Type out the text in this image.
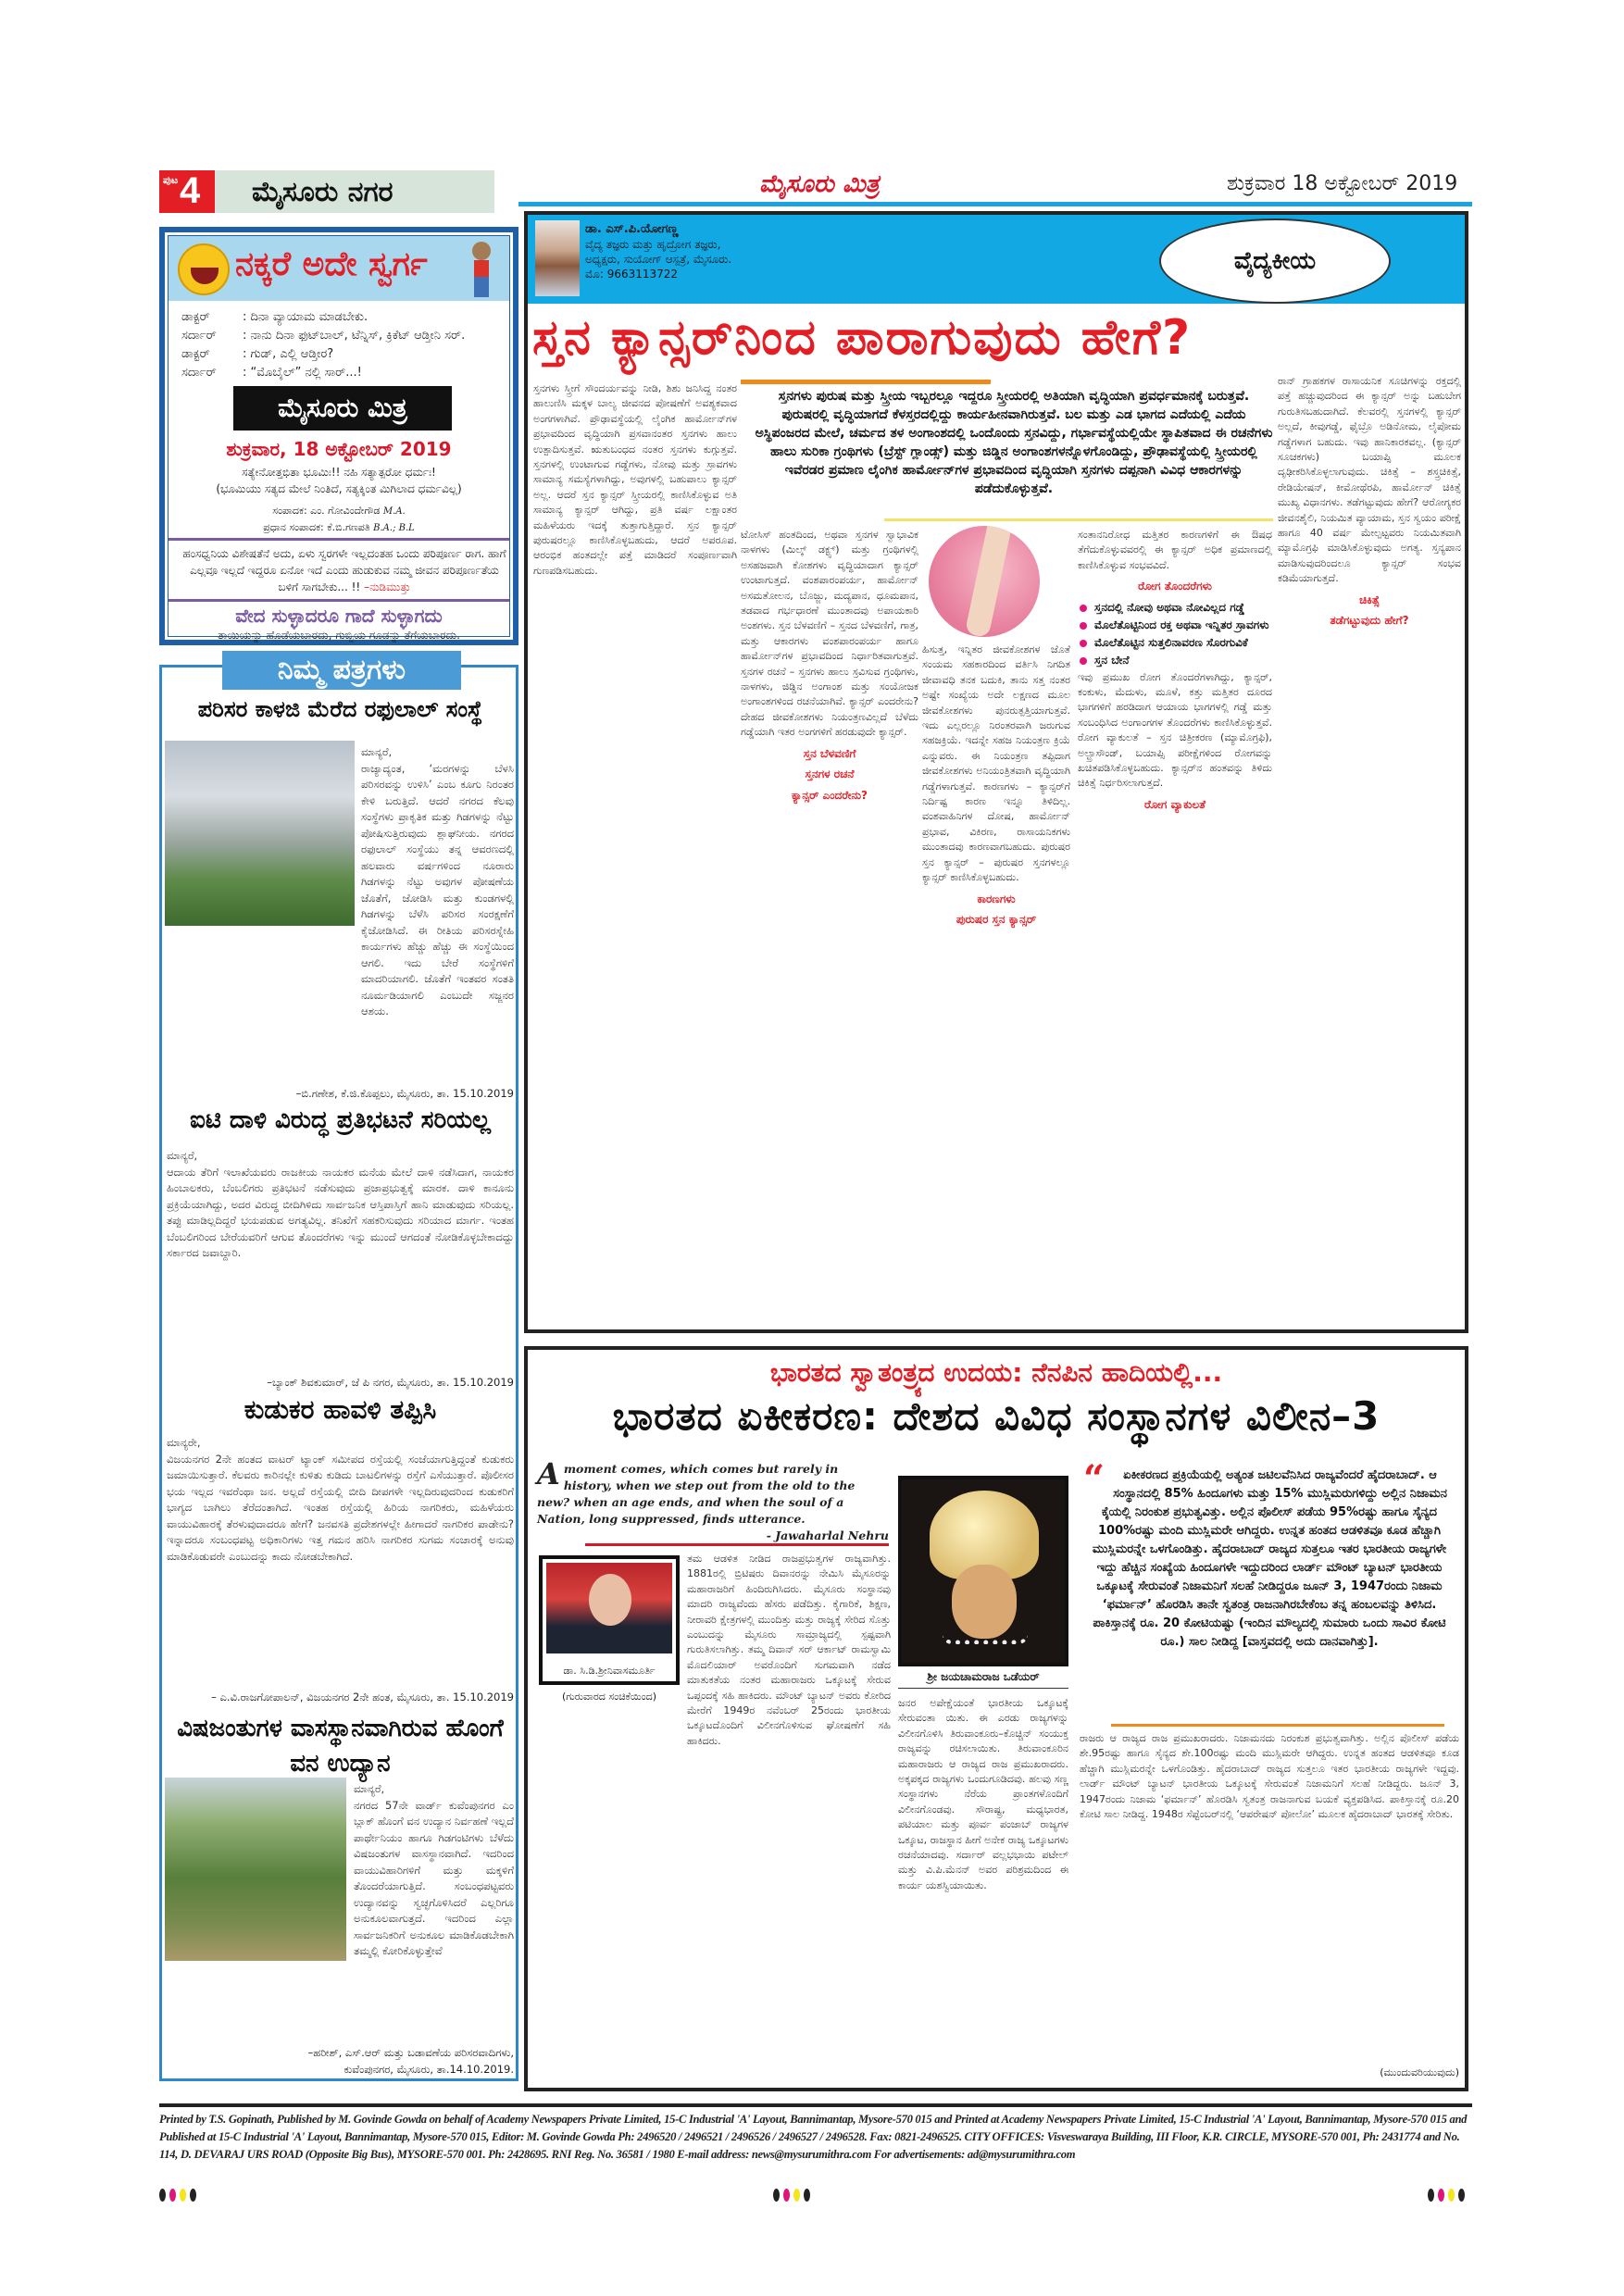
ಪುಟ 4 ಮೈಸೂರು ನಗರ	ಮೈಸೂರು ಮಿತ್ರ	ಶುಕ್ರವಾರ 18 ಅಕ್ಟೋಬರ್ 2019
ನಕ್ಕರೆ ಅದೇ ಸ್ವರ್ಗ
ಡಾಕ್ಟರ್	: ದಿನಾ ವ್ಯಾಯಾಮ ಮಾಡಬೇಕು.
ಸರ್ದಾರ್	: ನಾನು ದಿನಾ ಫುಟ್‌ಬಾಲ್, ಟೆನ್ನಿಸ್, ಕ್ರಿಕೆಟ್ ಆಡ್ತೀನಿ ಸರ್.
ಡಾಕ್ಟರ್	: ಗುಡ್, ಎಲ್ಲಿ ಆಡ್ತೀರ?
ಸರ್ದಾರ್	: “ಮೊಬೈಲ್” ನಲ್ಲಿ ಸಾರ್...!
ಮೈಸೂರು ಮಿತ್ರ
ಶುಕ್ರವಾರ, 18 ಅಕ್ಟೋಬರ್ 2019
ಸತ್ಯೇನೋತ್ತಭಿತಾ ಭೂಮಿಃ!! ನಹಿ ಸತ್ಯಾತ್ಪರೋ ಧರ್ಮಃ!
(ಭೂಮಿಯು ಸತ್ಯದ ಮೇಲೆ ನಿಂತಿದೆ, ಸತ್ಯಕ್ಕಿಂತ ಮಿಗಿಲಾದ ಧರ್ಮವಿಲ್ಲ)
ಸಂಪಾದಕ: ಎಂ. ಗೋವಿಂದೇಗೌಡ M.A.
ಪ್ರಧಾನ ಸಂಪಾದಕ: ಕೆ.ಬಿ.ಗಣಪತಿ B.A.; B.L
ಹಂಸಧ್ವನಿಯ ವಿಶೇಷತೆನೆ ಅದು, ಏಳು ಸ್ವರಗಳೇ ಇಲ್ಲದಂತಹ ಒಂದು ಪರಿಪೂರ್ಣ ರಾಗ. ಹಾಗೆ ಎಲ್ಲವೂ ಇಲ್ಲದೆ ಇದ್ದರೂ ಏನೋ ಇದೆ ಎಂದು ಹುಡುಕುವ ನಮ್ಮ ಜೀವನ ಪರಿಪೂರ್ಣತೆಯ ಬಳಿಗೆ ಸಾಗಬೇಕು... !! –ನುಡಿಮುತ್ತು
ವೇದ ಸುಳ್ಳಾದರೂ ಗಾದೆ ಸುಳ್ಳಾಗದು
ತಾಯಿಯನ್ನು ಹೊಡೆಯಬಾರದು, ಗುಬ್ಬಿಯ ಗೂಡನ್ನು ತೆಗೆಯಬಾರದು.
ನಿಮ್ಮ ಪತ್ರಗಳು
ಪರಿಸರ ಕಾಳಜಿ ಮೆರೆದ ರಫುಲಾಲ್ ಸಂಸ್ಥೆ
ಮಾನ್ಯರೆ,
ರಾಜ್ಯಾದ್ಯಂತ, ‘ಮರಗಳನ್ನು ಬೆಳಸಿ ಪರಿಸರವನ್ನು ಉಳಿಸಿ’ ಎಂಬ ಕೂಗು ನಿರಂತರ ಕೇಳಿ ಬರುತ್ತಿದೆ. ಆದರೆ ನಗರದ ಕೆಲವು ಸಂಸ್ಥೆಗಳು ಪ್ರಾಕೃತಿಕ ಮತ್ತು ಗಿಡಗಳನ್ನು ನೆಟ್ಟು ಪೋಷಿಸುತ್ತಿರುವುದು ಶ್ಲಾಘನೀಯ. ನಗರದ ರಫುಲಾಲ್ ಸಂಸ್ಥೆಯು ತನ್ನ ಆವರಣದಲ್ಲಿ ಹಲವಾರು ವರ್ಷಗಳಿಂದ ನೂರಾರು ಗಿಡಗಳನ್ನು ನೆಟ್ಟು ಅವುಗಳ ಪೋಷಣೆಯ ಜೊತೆಗೆ, ಜೋಡಿಸಿ ಮತ್ತು ಕುಂಡಗಳಲ್ಲಿ ಗಿಡಗಳನ್ನು ಬೆಳೆಸಿ ಪರಿಸರ ಸಂರಕ್ಷಣೆಗೆ ಕೈಜೋಡಿಸಿದೆ. ಈ ರೀತಿಯ ಪರಿಸರಸ್ನೇಹಿ ಕಾರ್ಯಗಳು ಹೆಚ್ಚು ಹೆಚ್ಚು ಈ ಸಂಸ್ಥೆಯಿಂದ ಆಗಲಿ. ಇದು ಬೇರೆ ಸಂಸ್ಥೆಗಳಿಗೆ ಮಾದರಿಯಾಗಲಿ. ಜೊತೆಗೆ ಇಂತವರ ಸಂತತಿ ನೂರ್ಮಡಿಯಾಗಲಿ ಎಂಬುದೇ ಸಜ್ಜನರ ಆಶಯ.
–ಬಿ.ಗಣೇಶ, ಕೆ.ಜಿ.ಕೊಪ್ಪಲು, ಮೈಸೂರು, ತಾ. 15.10.2019
ಐಟಿ ದಾಳಿ ವಿರುದ್ಧ ಪ್ರತಿಭಟನೆ ಸರಿಯಲ್ಲ
ಮಾನ್ಯರೆ,
ಆದಾಯ ತೆರಿಗೆ ಇಲಾಖೆಯವರು ರಾಜಕೀಯ ನಾಯಕರ ಮನೆಯ ಮೇಲೆ ದಾಳಿ ನಡೆಸಿದಾಗ, ನಾಯಕರ ಹಿಂಬಾಲಕರು, ಬೆಂಬಲಿಗರು ಪ್ರತಿಭಟನೆ ನಡೆಸುವುದು ಪ್ರಜಾಪ್ರಭುತ್ವಕ್ಕೆ ಮಾರಕ. ದಾಳಿ ಕಾನೂನು ಪ್ರಕ್ರಿಯೆಯಾಗಿದ್ದು, ಅದರ ವಿರುದ್ಧ ಬೀದಿಗಿಳಿದು ಸಾರ್ವಜನಿಕ ಆಸ್ತಿಪಾಸ್ತಿಗೆ ಹಾನಿ ಮಾಡುವುದು ಸರಿಯಲ್ಲ. ತಪ್ಪು ಮಾಡಿಲ್ಲದಿದ್ದರೆ ಭಯಪಡುವ ಅಗತ್ಯವಿಲ್ಲ. ತನಿಖೆಗೆ ಸಹಕರಿಸುವುದು ಸರಿಯಾದ ಮಾರ್ಗ. ಇಂತಹ ಬೆಂಬಲಿಗರಿಂದ ಬೇರೆಯವರಿಗೆ ಆಗುವ ತೊಂದರೆಗಳು ಇನ್ನು ಮುಂದೆ ಆಗದಂತೆ ನೋಡಿಕೊಳ್ಳಬೇಕಾದದ್ದು ಸರ್ಕಾರದ ಜವಾಬ್ದಾರಿ.
–ಬ್ಯಾಂಕ್ ಶಿವಕುಮಾರ್, ಜೆ ಪಿ ನಗರ, ಮೈಸೂರು, ತಾ. 15.10.2019
ಕುಡುಕರ ಹಾವಳಿ ತಪ್ಪಿಸಿ
ಮಾನ್ಯರೇ,
ವಿಜಯನಗರ 2ನೇ ಹಂತದ ವಾಟರ್ ಟ್ಯಾಂಕ್ ಸಮೀಪದ ರಸ್ತೆಯಲ್ಲಿ ಸಂಜೆಯಾಗುತ್ತಿದ್ದಂತೆ ಕುಡುಕರು ಜಮಾಯಿಸುತ್ತಾರೆ. ಕೆಲವರು ಕಾರಿನಲ್ಲೇ ಕುಳಿತು ಕುಡಿದು ಬಾಟಲಿಗಳನ್ನು ರಸ್ತೆಗೆ ಎಸೆಯುತ್ತಾರೆ. ಪೊಲೀಸರ ಭಯ ಇಲ್ಲದ ಇವರೆಂಥಾ ಜನ. ಅಲ್ಲದೆ ರಸ್ತೆಯಲ್ಲಿ ಬೀದಿ ದೀಪಗಳೇ ಇಲ್ಲದಿರುವುದರಿಂದ ಕುಡುಕರಿಗೆ ಭಾಗ್ಯದ ಬಾಗಿಲು ತೆರೆದಂತಾಗಿದೆ. ಇಂತಹ ರಸ್ತೆಯಲ್ಲಿ ಹಿರಿಯ ನಾಗರಿಕರು, ಮಹಿಳೆಯರು ವಾಯುವಿಹಾರಕ್ಕೆ ತೆರಳುವುದಾದರೂ ಹೇಗೆ? ಜನವಸತಿ ಪ್ರದೇಶಗಳಲ್ಲೇ ಹೀಗಾದರೆ ನಾಗರಿಕರ ಪಾಡೇನು? ಇನ್ನಾದರೂ ಸಂಬಂಧಪಟ್ಟ ಅಧಿಕಾರಿಗಳು ಇತ್ತ ಗಮನ ಹರಿಸಿ ನಾಗರಿಕರ ಸುಗಮ ಸಂಚಾರಕ್ಕೆ ಅನುವು ಮಾಡಿಕೊಡುವರೇ ಎಂಬುದನ್ನು ಕಾದು ನೋಡಬೇಕಾಗಿದೆ.
– ಎ.ವಿ.ರಾಜಗೋಪಾಲನ್, ವಿಜಯನಗರ 2ನೇ ಹಂತ, ಮೈಸೂರು, ತಾ. 15.10.2019
ವಿಷಜಂತುಗಳ ವಾಸಸ್ಥಾನವಾಗಿರುವ ಹೊಂಗೆ ವನ ಉದ್ಯಾನ
ಮಾನ್ಯರೆ,
ನಗರದ 57ನೇ ವಾರ್ಡ್ ಕುವೆಂಪುನಗರ ಎಂ ಬ್ಲಾಕ್ ಹೊಂಗೆ ವನ ಉದ್ಯಾನ ನಿರ್ವಹಣೆ ಇಲ್ಲದೆ ಪಾರ್ಥೇನಿಯಂ ಹಾಗೂ ಗಿಡಗಂಟಿಗಳು ಬೆಳೆದು ವಿಷಜಂತುಗಳ ವಾಸಸ್ಥಾನವಾಗಿದೆ. ಇದರಿಂದ ವಾಯುವಿಹಾರಿಗಳಿಗೆ ಮತ್ತು ಮಕ್ಕಳಿಗೆ ತೊಂದರೆಯಾಗುತ್ತಿದೆ. ಸಂಬಂಧಪಟ್ಟವರು ಉದ್ಯಾನವನ್ನು ಸ್ವಚ್ಛಗೊಳಿಸಿದರೆ ಎಲ್ಲರಿಗೂ ಅನುಕೂಲವಾಗುತ್ತದೆ. ಇದರಿಂದ ಎಲ್ಲಾ ಸಾರ್ವಜನಿಕರಿಗೆ ಅನುಕೂಲ ಮಾಡಿಕೊಡಬೇಕಾಗಿ ತಮ್ಮಲ್ಲಿ ಕೋರಿಕೊಳ್ಳುತ್ತೇವೆ
–ಹರೀಶ್, ಎಸ್.ಆರ್ ಮತ್ತು ಬಡಾವಣೆಯ ಪರಿಸರವಾದಿಗಳು,
ಕುವೆಂಪುನಗರ, ಮೈಸೂರು, ತಾ.14.10.2019.
ಡಾ. ಎಸ್.ಪಿ.ಯೋಗಣ್ಣ
ವೈದ್ಯ ತಜ್ಞರು ಮತ್ತು ಹೃದ್ರೋಗ ತಜ್ಞರು,
ಅಧ್ಯಕ್ಷರು, ಸುಯೋಗ್ ಆಸ್ಪತ್ರೆ, ಮೈಸೂರು.
ಮೊ: 9663113722	ವೈದ್ಯಕೀಯ
ಸ್ತನ ಕ್ಯಾನ್ಸರ್‌ನಿಂದ ಪಾರಾಗುವುದು ಹೇಗೆ?
ಸ್ತನಗಳು ಪುರುಷ ಮತ್ತು ಸ್ತ್ರೀಯ ಇಬ್ಬರಲ್ಲೂ ಇದ್ದರೂ ಸ್ತ್ರೀಯರಲ್ಲಿ ಅತಿಯಾಗಿ ವೃದ್ಧಿಯಾಗಿ ಪ್ರವರ್ಧಮಾನಕ್ಕೆ ಬರುತ್ತವೆ. ಪುರುಷರಲ್ಲಿ ವೃದ್ಧಿಯಾಗದೆ ಕೆಳಸ್ತರದಲ್ಲಿದ್ದು ಕಾರ್ಯಹೀನವಾಗಿರುತ್ತವೆ. ಬಲ ಮತ್ತು ಎಡ ಭಾಗದ ಎದೆಯಲ್ಲಿ ಎದೆಯ ಅಸ್ಥಿಪಂಜರದ ಮೇಲೆ, ಚರ್ಮದ ತಳ ಅಂಗಾಂಶದಲ್ಲಿ ಒಂದೊಂದು ಸ್ತನವಿದ್ದು, ಗರ್ಭಾವಸ್ಥೆಯಲ್ಲಿಯೇ ಸ್ಥಾಪಿತವಾದ ಈ ರಚನೆಗಳು ಹಾಲು ಸುರಿಕಾ ಗ್ರಂಥಿಗಳು (ಬ್ರೆಸ್ಟ್ ಗ್ಲಾಂಡ್ಸ್) ಮತ್ತು ಜಿಡ್ಡಿನ ಅಂಗಾಂಶಗಳನ್ನೊಳಗೊಂಡಿದ್ದು, ಪ್ರೌಢಾವಸ್ಥೆಯಲ್ಲಿ ಸ್ತ್ರೀಯರಲ್ಲಿ ಇವೆರಡರ ಪ್ರಮಾಣ ಲೈಂಗಿಕ ಹಾರ್ಮೋನ್‌ಗಳ ಪ್ರಭಾವದಿಂದ ವೃದ್ಧಿಯಾಗಿ ಸ್ತನಗಳು ದಪ್ಪನಾಗಿ ವಿವಿಧ ಆಕಾರಗಳನ್ನು ಪಡೆದುಕೊಳ್ಳುತ್ತವೆ.
ಸ್ತನಗಳು ಸ್ತ್ರೀಗೆ ಸೌಂದರ್ಯವನ್ನು ನೀಡಿ, ಶಿಶು ಜನಿಸಿದ್ದ ನಂತರ ಹಾಲುಣಿಸಿ ಮಕ್ಕಳ ಬಾಲ್ಯ ಜೀವನದ ಪೋಷಣೆಗೆ ಅವಶ್ಯಕವಾದ ಅಂಗಗಳಾಗಿವೆ. ಪ್ರೌಢಾವಸ್ಥೆಯಲ್ಲಿ ಲೈಂಗಿಕ ಹಾರ್ಮೋನ್‌ಗಳ ಪ್ರಭಾವದಿಂದ ವೃದ್ಧಿಯಾಗಿ ಪ್ರಸವಾನಂತರ ಸ್ತನಗಳು ಹಾಲು ಉತ್ಪಾದಿಸುತ್ತವೆ. ಋತುಬಂಧದ ನಂತರ ಸ್ತನಗಳು ಕುಗ್ಗುತ್ತವೆ. ಸ್ತನಗಳಲ್ಲಿ ಉಂಟಾಗುವ ಗಡ್ಡೆಗಳು, ನೋವು ಮತ್ತು ಸ್ರಾವಗಳು ಸಾಮಾನ್ಯ ಸಮಸ್ಯೆಗಳಾಗಿದ್ದು, ಅವುಗಳಲ್ಲಿ ಬಹುಪಾಲು ಕ್ಯಾನ್ಸರ್ ಅಲ್ಲ. ಆದರೆ ಸ್ತನ ಕ್ಯಾನ್ಸರ್ ಸ್ತ್ರೀಯರಲ್ಲಿ ಕಾಣಿಸಿಕೊಳ್ಳುವ ಅತಿ ಸಾಮಾನ್ಯ ಕ್ಯಾನ್ಸರ್ ಆಗಿದ್ದು, ಪ್ರತಿ ವರ್ಷ ಲಕ್ಷಾಂತರ ಮಹಿಳೆಯರು ಇದಕ್ಕೆ ತುತ್ತಾಗುತ್ತಿದ್ದಾರೆ. ಸ್ತನ ಕ್ಯಾನ್ಸರ್ ಪುರುಷರಲ್ಲೂ ಕಾಣಿಸಿಕೊಳ್ಳಬಹುದು, ಆದರೆ ಅಪರೂಪ. ಆರಂಭಿಕ ಹಂತದಲ್ಲೇ ಪತ್ತೆ ಮಾಡಿದರೆ ಸಂಪೂರ್ಣವಾಗಿ ಗುಣಪಡಿಸಬಹುದು.
ಟೋಸಿಸ್ ಹಂತದಿಂದ, ಅಥವಾ ಸ್ತನಗಳ ಸ್ವಾಭಾವಿಕ ನಾಳಗಳು (ಮಿಲ್ಕ್ ಡಕ್ಟ್ಸ್) ಮತ್ತು ಗ್ರಂಥಿಗಳಲ್ಲಿ ಅಸಹಜವಾಗಿ ಕೋಶಗಳು ವೃದ್ಧಿಯಾದಾಗ ಕ್ಯಾನ್ಸರ್ ಉಂಟಾಗುತ್ತದೆ. ವಂಶಪಾರಂಪರ್ಯ, ಹಾರ್ಮೋನ್ ಅಸಮತೋಲನ, ಬೊಜ್ಜು, ಮದ್ಯಪಾನ, ಧೂಮಪಾನ, ತಡವಾದ ಗರ್ಭಧಾರಣೆ ಮುಂತಾದವು ಅಪಾಯಕಾರಿ ಅಂಶಗಳು. ಸ್ತನ ಬೆಳವಣಿಗೆ – ಸ್ತನದ ಬೆಳವಣಿಗೆ, ಗಾತ್ರ, ಮತ್ತು ಆಕಾರಗಳು ವಂಶಪಾರಂಪರ್ಯ ಹಾಗೂ ಹಾರ್ಮೋನ್‌ಗಳ ಪ್ರಭಾವದಿಂದ ನಿರ್ಧಾರಿತವಾಗುತ್ತವೆ. ಸ್ತನಗಳ ರಚನೆ – ಸ್ತನಗಳು ಹಾಲು ಸ್ರವಿಸುವ ಗ್ರಂಥಿಗಳು, ನಾಳಗಳು, ಜಿಡ್ಡಿನ ಅಂಗಾಂಶ ಮತ್ತು ಸಂಯೋಜಕ ಅಂಗಾಂಶಗಳಿಂದ ರಚನೆಯಾಗಿವೆ. ಕ್ಯಾನ್ಸರ್ ಎಂದರೇನು? ದೇಹದ ಜೀವಕೋಶಗಳು ನಿಯಂತ್ರಣವಿಲ್ಲದೆ ಬೆಳೆದು ಗಡ್ಡೆಯಾಗಿ ಇತರ ಅಂಗಗಳಿಗೆ ಹರಡುವುದೇ ಕ್ಯಾನ್ಸರ್.
ಸ್ತನ ಬೆಳವಣಿಗೆ
ಸ್ತನಗಳ ರಚನೆ
ಕ್ಯಾನ್ಸರ್ ಎಂದರೇನು?
ಹಿಸುತ್ತ, ಇನ್ನಿತರ ಜೀವಕೋಶಗಳ ಜೊತೆ ಸಂಯಮ ಸಹಕಾರದಿಂದ ವರ್ತಿಸಿ ನಿಗದಿತ ಜೀವಾವಧಿ ತನಕ ಬದುಕಿ, ತಾನು ಸತ್ತ ನಂತರ ಅಷ್ಟೇ ಸಂಖ್ಯೆಯ ಅದೇ ಲಕ್ಷಣದ ಮೂಲ ಜೀವಕೋಶಗಳು ಪುನರುತ್ಪತ್ತಿಯಾಗುತ್ತವೆ. ಇದು ಎಲ್ಲರಲ್ಲೂ ನಿರಂತರವಾಗಿ ಜರುಗುವ ಸಹಜಕ್ರಿಯೆ. ಇದನ್ನೇ ಸಹಜ ನಿಯಂತ್ರಣ ಕ್ರಿಯೆ ಎನ್ನುವರು. ಈ ನಿಯಂತ್ರಣ ತಪ್ಪಿದಾಗ ಜೀವಕೋಶಗಳು ಅನಿಯಂತ್ರಿತವಾಗಿ ವೃದ್ಧಿಯಾಗಿ ಗಡ್ಡೆಗಳಾಗುತ್ತವೆ. ಕಾರಣಗಳು – ಕ್ಯಾನ್ಸರ್‌ಗೆ ನಿರ್ದಿಷ್ಟ ಕಾರಣ ಇನ್ನೂ ತಿಳಿದಿಲ್ಲ. ವಂಶವಾಹಿನಿಗಳ ದೋಷ, ಹಾರ್ಮೋನ್ ಪ್ರಭಾವ, ವಿಕಿರಣ, ರಾಸಾಯನಿಕಗಳು ಮುಂತಾದವು ಕಾರಣವಾಗಬಹುದು. ಪುರುಷರ ಸ್ತನ ಕ್ಯಾನ್ಸರ್ – ಪುರುಷರ ಸ್ತನಗಳಲ್ಲೂ ಕ್ಯಾನ್ಸರ್ ಕಾಣಿಸಿಕೊಳ್ಳಬಹುದು.
ಕಾರಣಗಳು
ಪುರುಷರ ಸ್ತನ ಕ್ಯಾನ್ಸರ್
ಸಂತಾನನಿರೋಧ ಮತ್ತಿತರ ಕಾರಣಗಳಿಗೆ ಈ ಔಷಧ ತೆಗೆದುಕೊಳ್ಳುವವರಲ್ಲಿ ಈ ಕ್ಯಾನ್ಸರ್ ಅಧಿಕ ಪ್ರಮಾಣದಲ್ಲಿ ಕಾಣಿಸಿಕೊಳ್ಳುವ ಸಂಭವವಿದೆ.
ರೋಗ ತೊಂದರೆಗಳು
ಸ್ತನದಲ್ಲಿ ನೋವು ಅಥವಾ ನೋವಿಲ್ಲದ ಗಡ್ಡೆ
ಮೊಲೆತೊಟ್ಟಿನಿಂದ ರಕ್ತ ಅಥವಾ ಇನ್ನಿತರ ಸ್ರಾವಗಳು
ಮೊಲೆತೊಟ್ಟಿನ ಸುತ್ತಲಿನಾವರಣ ಸೊರಗುವಿಕೆ
ಸ್ತನ ಬೇನೆ
ಇವು ಪ್ರಮುಖ ರೋಗ ತೊಂದರೆಗಳಾಗಿದ್ದು, ಕ್ಯಾನ್ಸರ್, ಕಂಕುಳು, ಮೆದುಳು, ಮೂಳೆ, ಕತ್ತು ಮತ್ತಿತರ ದೂರದ ಭಾಗಗಳಿಗೆ ಹರಡಿದಾಗ ಆಯಾಯ ಭಾಗಗಳಲ್ಲಿ ಗಡ್ಡೆ ಮತ್ತು ಸಂಬಂಧಿಸಿದ ಅಂಗಾಂಗಗಳ ತೊಂದರೆಗಳು ಕಾಣಿಸಿಕೊಳ್ಳುತ್ತವೆ. ರೋಗ ವ್ಯಾಕುಲತೆ – ಸ್ತನ ಚಿತ್ರೀಕರಣ (ಮ್ಯಾಮೊಗ್ರಫಿ), ಅಲ್ಟ್ರಾಸೌಂಡ್, ಬಯಾಪ್ಸಿ ಪರೀಕ್ಷೆಗಳಿಂದ ರೋಗವನ್ನು ಖಚಿತಪಡಿಸಿಕೊಳ್ಳಬಹುದು. ಕ್ಯಾನ್ಸರ್‌ನ ಹಂತವನ್ನು ತಿಳಿದು ಚಿಕಿತ್ಸೆ ನಿರ್ಧರಿಸಲಾಗುತ್ತದೆ.
ರೋಗ ವ್ಯಾಕುಲತೆ
ರಾನ್ ಗ್ರಾಹಕಗಳ ರಾಸಾಯನಿಕ ಸೂಚಿಗಳನ್ನು ರಕ್ತದಲ್ಲಿ ಪತ್ತೆ ಹಚ್ಚುವುದರಿಂದ ಈ ಕ್ಯಾನ್ಸರ್ ಅನ್ನು ಬಹುಬೇಗ ಗುರುತಿಸಬಹುದಾಗಿದೆ. ಕೆಲವರಲ್ಲಿ ಸ್ತನಗಳಲ್ಲಿ ಕ್ಯಾನ್ಸರ್ ಅಲ್ಲದೆ, ಕೀವುಗಡ್ಡೆ, ಫೈಬ್ರೊ ಅಡಿನೋಮ, ಲೈಪೋಮ ಗಡ್ಡೆಗಳಾಗ ಬಹುದು. ಇವು ಹಾನಿಕಾರಕವಲ್ಲ. (ಕ್ಯಾನ್ಸರ್ ಸೂಚಕಗಳು) ಬಯಾಪ್ಸಿ ಮೂಲಕ ದೃಢೀಕರಿಸಿಕೊಳ್ಳಲಾಗುವುದು. ಚಿಕಿತ್ಸೆ – ಶಸ್ತ್ರಚಿಕಿತ್ಸೆ, ರೇಡಿಯೇಷನ್, ಕೀಮೋಥೆರಪಿ, ಹಾರ್ಮೋನ್ ಚಿಕಿತ್ಸೆ ಮುಖ್ಯ ವಿಧಾನಗಳು. ತಡೆಗಟ್ಟುವುದು ಹೇಗೆ? ಆರೋಗ್ಯಕರ ಜೀವನಶೈಲಿ, ನಿಯಮಿತ ವ್ಯಾಯಾಮ, ಸ್ತನ ಸ್ವಯಂ ಪರೀಕ್ಷೆ ಹಾಗೂ 40 ವರ್ಷ ಮೇಲ್ಪಟ್ಟವರು ನಿಯಮಿತವಾಗಿ ಮ್ಯಾಮೊಗ್ರಫಿ ಮಾಡಿಸಿಕೊಳ್ಳುವುದು ಅಗತ್ಯ. ಸ್ತನ್ಯಪಾನ ಮಾಡಿಸುವುದರಿಂದಲೂ ಕ್ಯಾನ್ಸರ್ ಸಂಭವ ಕಡಿಮೆಯಾಗುತ್ತದೆ.
ಚಿಕಿತ್ಸೆ
ತಡೆಗಟ್ಟುವುದು ಹೇಗೆ?
ಭಾರತದ ಸ್ವಾತಂತ್ರ್ಯದ ಉದಯ: ನೆನಪಿನ ಹಾದಿಯಲ್ಲಿ...
ಭಾರತದ ಏಕೀಕರಣ: ದೇಶದ ವಿವಿಧ ಸಂಸ್ಥಾನಗಳ ವಿಲೀನ–3
A moment comes, which comes but rarely in history, when we step out from the old to the new? when an age ends, and when the soul of a Nation, long suppressed, finds utterance.
- Jawaharlal Nehru
ಡಾ. ಸಿ.ಡಿ.ಶ್ರೀನಿವಾಸಮೂರ್ತಿ
(ಗುರುವಾರದ ಸಂಚಿಕೆಯಿಂದ)
ತಮ ಆಡಳಿತ ನೀಡಿದ ರಾಜಪ್ರಭುತ್ವಗಳ ರಾಜ್ಯವಾಗಿತ್ತು. 1881ರಲ್ಲಿ ಬ್ರಿಟಿಷರು ದಿವಾನರನ್ನು ನೇಮಿಸಿ ಮೈಸೂರನ್ನು ಮಹಾರಾಜರಿಗೆ ಹಿಂದಿರುಗಿಸಿದರು. ಮೈಸೂರು ಸಂಸ್ಥಾನವು ಮಾದರಿ ರಾಜ್ಯವೆಂದು ಹೆಸರು ಪಡೆದಿತ್ತು. ಕೈಗಾರಿಕೆ, ಶಿಕ್ಷಣ, ನೀರಾವರಿ ಕ್ಷೇತ್ರಗಳಲ್ಲಿ ಮುಂದಿತ್ತು ಮತ್ತು ರಾಜ್ಯಕ್ಕೆ ಸೇರಿದ ಸೊತ್ತು ಎಂಬುದನ್ನು ಮೈಸೂರು ಸಾಮ್ರಾಜ್ಯದಲ್ಲಿ ಸ್ಪಷ್ಟವಾಗಿ ಗುರುತಿಸಲಾಗಿತ್ತು. ತಮ್ಮ ದಿವಾನ್ ಸರ್ ಆರ್ಕಾಟ್ ರಾಮಸ್ವಾಮಿ ಮೊದಲಿಯಾರ್ ಅವರೊಂದಿಗೆ ಸುಗಮವಾಗಿ ನಡೆದ ಮಾತುಕತೆಯ ನಂತರ ಮಹಾರಾಜರು ಒಕ್ಕೂಟಕ್ಕೆ ಸೇರುವ ಒಪ್ಪಂದಕ್ಕೆ ಸಹಿ ಹಾಕಿದರು. ಮೌಂಟ್ ಬ್ಯಾಟನ್ ಅವರು ಕೋರಿದ ಮೇರೆಗೆ 1949ರ ನವೆಂಬರ್ 25ರಂದು ಭಾರತೀಯ ಒಕ್ಕೂಟದೊಂದಿಗೆ ವಿಲೀನಗೊಳಿಸುವ ಘೋಷಣೆಗೆ ಸಹಿ ಹಾಕಿದರು.
ಶ್ರೀ ಜಯಚಾಮರಾಜ ಒಡೆಯರ್
ಜನರ ಅಪೇಕ್ಷೆಯಂತೆ ಭಾರತೀಯ ಒಕ್ಕೂಟಕ್ಕೆ ಸೇರುವಂತಾ ಯಿತು. ಈ ಎರಡು ರಾಜ್ಯಗಳನ್ನು ವಿಲೀನಗೊಳಿಸಿ ತಿರುವಾಂಕೂರು–ಕೊಚ್ಚಿನ್ ಸಂಯುಕ್ತ ರಾಜ್ಯವನ್ನು ರಚಿಸಲಾಯಿತು. ತಿರುವಾಂಕೂರಿನ ಮಹಾರಾಜರು ಆ ರಾಜ್ಯದ ರಾಜ ಪ್ರಮುಖರಾದರು. ಅಕ್ಕಪಕ್ಕದ ರಾಜ್ಯಗಳು ಒಂದುಗೂಡಿದವು. ಹಲವು ಸಣ್ಣ ಸಂಸ್ಥಾನಗಳು ನೆರೆಯ ಪ್ರಾಂತಗಳೊಂದಿಗೆ ವಿಲೀನಗೊಂಡವು. ಸೌರಾಷ್ಟ್ರ, ಮಧ್ಯಭಾರತ, ಪಟಿಯಾಲ ಮತ್ತು ಪೂರ್ವ ಪಂಜಾಬ್ ರಾಜ್ಯಗಳ ಒಕ್ಕೂಟ, ರಾಜಸ್ಥಾನ ಹೀಗೆ ಅನೇಕ ರಾಜ್ಯ ಒಕ್ಕೂಟಗಳು ರಚನೆಯಾದವು. ಸರ್ದಾರ್ ವಲ್ಲಭಭಾಯಿ ಪಟೇಲ್ ಮತ್ತು ವಿ.ಪಿ.ಮೆನನ್ ಅವರ ಪರಿಶ್ರಮದಿಂದ ಈ ಕಾರ್ಯ ಯಶಸ್ವಿಯಾಯಿತು.
“ ಏಕೀಕರಣದ ಪ್ರಕ್ರಿಯೆಯಲ್ಲಿ ಅತ್ಯಂತ ಜಟಿಲವೆನಿಸಿದ ರಾಜ್ಯವೆಂದರೆ ಹೈದರಾಬಾದ್. ಆ ಸಂಸ್ಥಾನದಲ್ಲಿ 85% ಹಿಂದೂಗಳು ಮತ್ತು 15% ಮುಸ್ಲಿಮರುಗಳಿದ್ದು ಅಲ್ಲಿನ ನಿಜಾಮನ ಕೈಯಲ್ಲಿ ನಿರಂಕುಶ ಪ್ರಭುತ್ವವಿತ್ತು. ಅಲ್ಲಿನ ಪೊಲೀಸ್ ಪಡೆಯ 95%ರಷ್ಟು ಹಾಗೂ ಸೈನ್ಯದ 100%ರಷ್ಟು ಮಂದಿ ಮುಸ್ಲಿಮರೇ ಆಗಿದ್ದರು. ಉನ್ನತ ಹಂತದ ಆಡಳಿತವೂ ಕೂಡ ಹೆಚ್ಚಾಗಿ ಮುಸ್ಲಿಮರನ್ನೇ ಒಳಗೊಂಡಿತ್ತು. ಹೈದರಾಬಾದ್ ರಾಜ್ಯದ ಸುತ್ತಲೂ ಇತರ ಭಾರತೀಯ ರಾಜ್ಯಗಳೇ ಇದ್ದು ಹೆಚ್ಚಿನ ಸಂಖ್ಯೆಯ ಹಿಂದೂಗಳೇ ಇದ್ದುದರಿಂದ ಲಾರ್ಡ್ ಮೌಂಟ್ ಬ್ಯಾಟನ್ ಭಾರತೀಯ ಒಕ್ಕೂಟಕ್ಕೆ ಸೇರುವಂತೆ ನಿಜಾಮನಿಗೆ ಸಲಹೆ ನೀಡಿದ್ದರೂ ಜೂನ್ 3, 1947ರಂದು ನಿಜಾಮ ‘ಫರ್ಮಾನ್’ ಹೊರಡಿಸಿ ತಾನೇ ಸ್ವತಂತ್ರ ರಾಜನಾಗಿರಬೇಕೆಂಬ ತನ್ನ ಹಂಬಲವನ್ನು ತಿಳಿಸಿದ. ಪಾಕಿಸ್ತಾನಕ್ಕೆ ರೂ. 20 ಕೋಟಿಯಷ್ಟು (ಇಂದಿನ ಮೌಲ್ಯದಲ್ಲಿ ಸುಮಾರು ಒಂದು ಸಾವಿರ ಕೋಟಿ ರೂ.) ಸಾಲ ನೀಡಿದ್ದ [ವಾಸ್ತವದಲ್ಲಿ ಅದು ದಾನವಾಗಿತ್ತು].
ರಾಜರು ಆ ರಾಜ್ಯದ ರಾಜ ಪ್ರಮುಖರಾದರು. ನಿಜಾಮನದು ನಿರಂಕುಶ ಪ್ರಭುತ್ವವಾಗಿತ್ತು. ಅಲ್ಲಿನ ಪೊಲೀಸ್ ಪಡೆಯ ಶೇ.95ರಷ್ಟು ಹಾಗೂ ಸೈನ್ಯದ ಶೇ.100ರಷ್ಟು ಮಂದಿ ಮುಸ್ಲಿಮರೇ ಆಗಿದ್ದರು. ಉನ್ನತ ಹಂತದ ಆಡಳಿತವೂ ಕೂಡ ಹೆಚ್ಚಾಗಿ ಮುಸ್ಲಿಮರನ್ನೇ ಒಳಗೊಂಡಿತ್ತು. ಹೈದರಾಬಾದ್ ರಾಜ್ಯದ ಸುತ್ತಲೂ ಇತರ ಭಾರತೀಯ ರಾಜ್ಯಗಳೇ ಇದ್ದವು. ಲಾರ್ಡ್ ಮೌಂಟ್ ಬ್ಯಾಟನ್ ಭಾರತೀಯ ಒಕ್ಕೂಟಕ್ಕೆ ಸೇರುವಂತೆ ನಿಜಾಮನಿಗೆ ಸಲಹೆ ನೀಡಿದ್ದರು. ಜೂನ್ 3, 1947ರಂದು ನಿಜಾಮ ‘ಫರ್ಮಾನ್’ ಹೊರಡಿಸಿ ಸ್ವತಂತ್ರ ರಾಜನಾಗುವ ಬಯಕೆ ವ್ಯಕ್ತಪಡಿಸಿದ. ಪಾಕಿಸ್ತಾನಕ್ಕೆ ರೂ.20 ಕೋಟಿ ಸಾಲ ನೀಡಿದ್ದ. 1948ರ ಸೆಪ್ಟೆಂಬರ್‌ನಲ್ಲಿ ‘ಆಪರೇಷನ್ ಪೋಲೋ’ ಮೂಲಕ ಹೈದರಾಬಾದ್ ಭಾರತಕ್ಕೆ ಸೇರಿತು.
(ಮುಂದುವರಿಯುವುದು)
Printed by T.S. Gopinath, Published by M. Govinde Gowda on behalf of Academy Newspapers Private Limited, 15-C Industrial 'A' Layout, Bannimantap, Mysore-570 015 and Printed at Academy Newspapers Private Limited, 15-C Industrial 'A' Layout, Bannimantap, Mysore-570 015 and Published at 15-C Industrial 'A' Layout, Bannimantap, Mysore-570 015, Editor: M. Govinde Gowda Ph: 2496520 / 2496521 / 2496526 / 2496527 / 2496528. Fax: 0821-2496525. CITY OFFICES: Visveswaraya Building, III Floor, K.R. CIRCLE, MYSORE-570 001, Ph: 2431774 and No. 114, D. DEVARAJ URS ROAD (Opposite Big Bus), MYSORE-570 001. Ph: 2428695. RNI Reg. No. 36581 / 1980 E-mail address: news@mysurumithra.com For advertisements: ad@mysurumithra.com
